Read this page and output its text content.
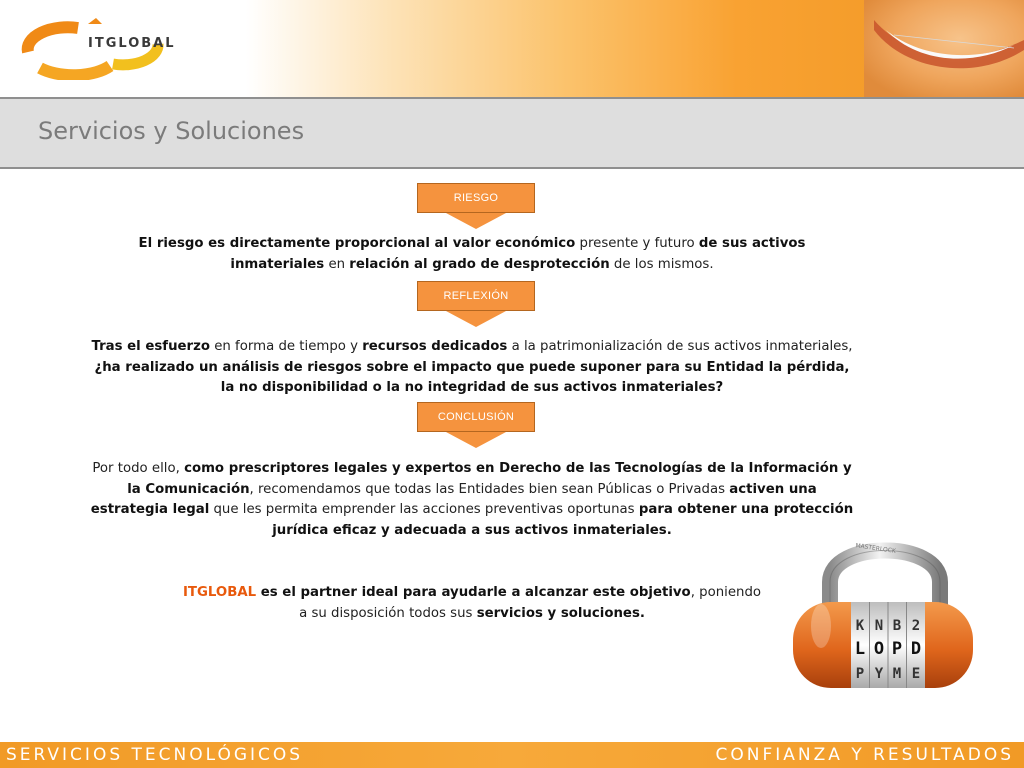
ITGLOBAL
Servicios y Soluciones
RIESGO
El riesgo es directamente proporcional al valor económico presente y futuro de sus activos inmateriales en relación al grado de desprotección de los mismos.
REFLEXIÓN
Tras el esfuerzo en forma de tiempo y recursos dedicados a la patrimonialización de sus activos inmateriales, ¿ha realizado un análisis de riesgos sobre el impacto que puede suponer para su Entidad la pérdida, la no disponibilidad o la no integridad de sus activos inmateriales?
CONCLUSIÓN
Por todo ello, como prescriptores legales y expertos en Derecho de las Tecnologías de la Información y la Comunicación, recomendamos que todas las Entidades bien sean Públicas o Privadas activen una estrategia legal que les permita emprender las acciones preventivas oportunas para obtener una protección jurídica eficaz y adecuada a sus activos inmateriales.
ITGLOBAL es el partner ideal para ayudarle a alcanzar este objetivo, poniendo a su disposición todos sus servicios y soluciones.
MASTERLOCK
K N B 2
L O P D
P Y M E
SERVICIOS TECNOLÓGICOS	CONFIANZA Y RESULTADOS
